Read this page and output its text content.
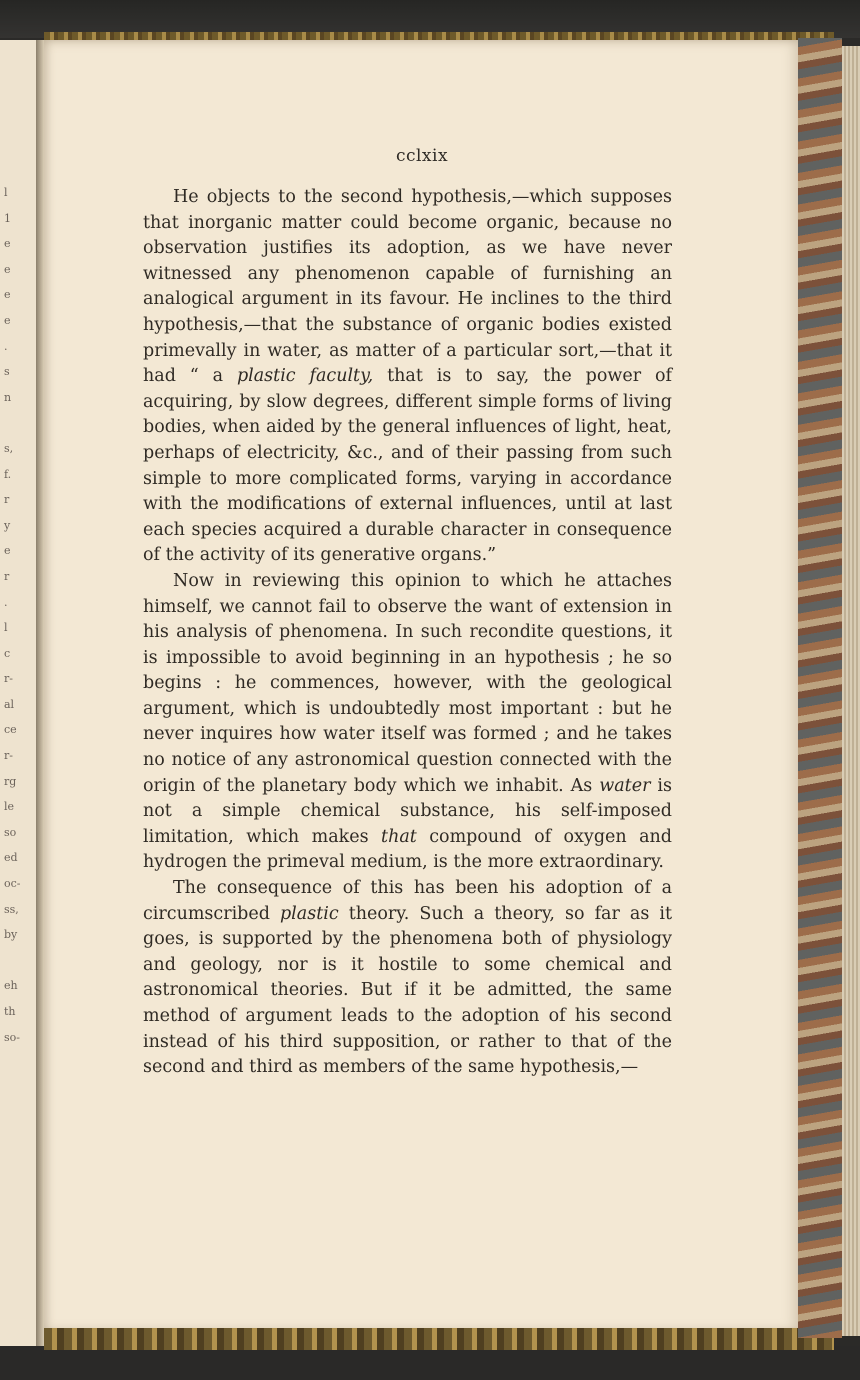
l
1
e
e
e
e
.
s
n

s,
f.
r
y
e
r
.
l
c
r-
al
ce
r-
rg
le
so
ed
oc-
ss,
by

eh
th
so-
cclxix

He objects to the second hypothesis,—which supposes that inorganic matter could become organic, because no observation justifies its adoption, as we have never witnessed any phenomenon capable of furnishing an analogical argument in its favour. He inclines to the third hypothesis,—that the substance of organic bodies existed primevally in water, as matter of a particular sort,—that it had “ a plastic faculty, that is to say, the power of acquiring, by slow degrees, different simple forms of living bodies, when aided by the general influences of light, heat, perhaps of electricity, &c., and of their passing from such simple to more complicated forms, varying in accordance with the modifications of external influences, until at last each species acquired a durable character in consequence of the activity of its generative organs.”

Now in reviewing this opinion to which he attaches himself, we cannot fail to observe the want of extension in his analysis of phenomena. In such recondite questions, it is impossible to avoid beginning in an hypothesis ; he so begins : he commences, however, with the geological argument, which is undoubtedly most important : but he never inquires how water itself was formed ; and he takes no notice of any astronomical question connected with the origin of the planetary body which we inhabit. As water is not a simple chemical substance, his self-imposed limitation, which makes that compound of oxygen and hydrogen the primeval medium, is the more extraordinary.

The consequence of this has been his adoption of a circumscribed plastic theory. Such a theory, so far as it goes, is supported by the phenomena both of physiology and geology, nor is it hostile to some chemical and astronomical theories. But if it be admitted, the same method of argument leads to the adoption of his second instead of his third supposition, or rather to that of the second and third as members of the same hypothesis,—
